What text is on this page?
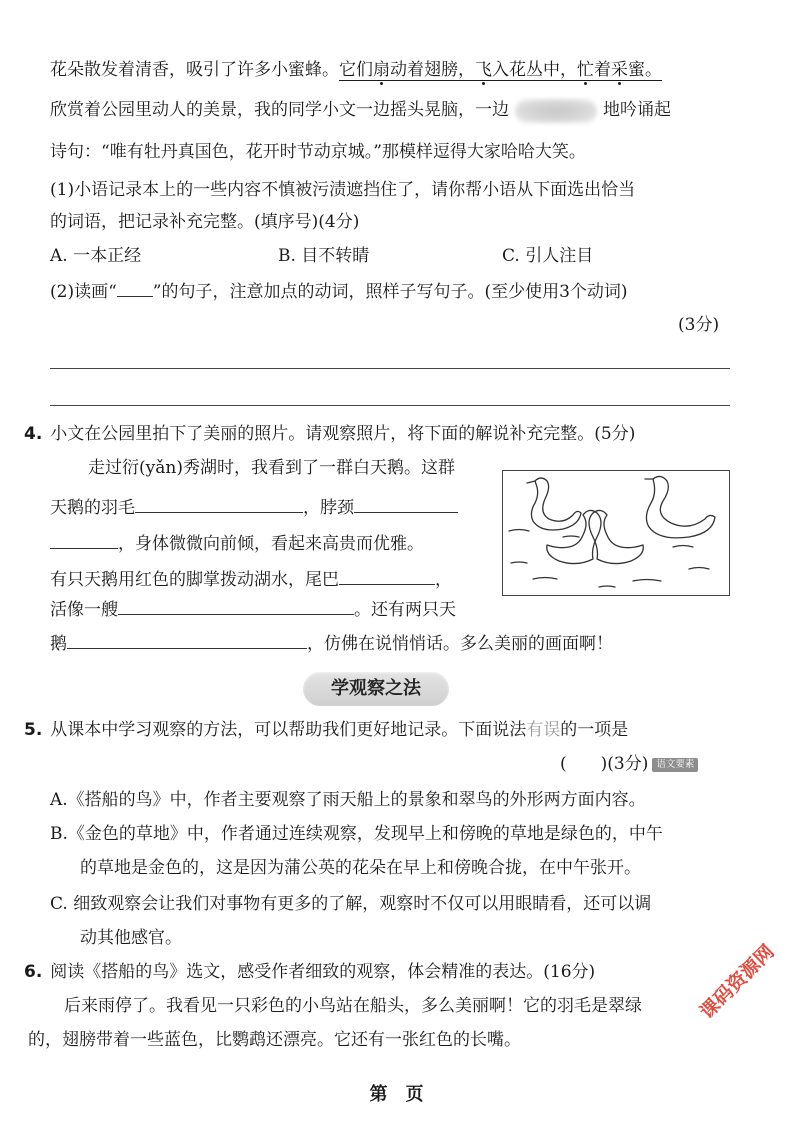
花朵散发着清香，吸引了许多小蜜蜂。它们扇动着翅膀，飞入花丛中，忙着采蜜。
欣赏着公园里动人的美景，我的同学小文一边摇头晃脑，一边	地吟诵起
诗句：“唯有牡丹真国色，花开时节动京城。”那模样逗得大家哈哈大笑。
(1)小语记录本上的一些内容不慎被污渍遮挡住了，请你帮小语从下面选出恰当
的词语，把记录补充完整。(填序号)(4分)
A. 一本正经	B. 目不转睛	C. 引人注目
(2)读画“ ”的句子，注意加点的动词，照样子写句子。(至少使用3个动词)
(3分)
4. 小文在公园里拍下了美丽的照片。请观察照片，将下面的解说补充完整。(5分)
走过衍(yǎn)秀湖时，我看到了一群白天鹅。这群
天鹅的羽毛	，脖颈
，身体微微向前倾，看起来高贵而优雅。
有只天鹅用红色的脚掌拨动湖水，尾巴	，
活像一艘	。还有两只天
鹅	，仿佛在说悄悄话。多么美丽的画面啊！
学观察之法
5. 从课本中学习观察的方法，可以帮助我们更好地记录。下面说法有误的一项是
(　　)(3分) 语文要素
A.《搭船的鸟》中，作者主要观察了雨天船上的景象和翠鸟的外形两方面内容。
B.《金色的草地》中，作者通过连续观察，发现早上和傍晚的草地是绿色的，中午
的草地是金色的，这是因为蒲公英的花朵在早上和傍晚合拢，在中午张开。
C. 细致观察会让我们对事物有更多的了解，观察时不仅可以用眼睛看，还可以调
动其他感官。
6. 阅读《搭船的鸟》选文，感受作者细致的观察，体会精准的表达。(16分)
后来雨停了。我看见一只彩色的小鸟站在船头，多么美丽啊！它的羽毛是翠绿
的，翅膀带着一些蓝色，比鹦鹉还漂亮。它还有一张红色的长嘴。
课码资源网
第　页
